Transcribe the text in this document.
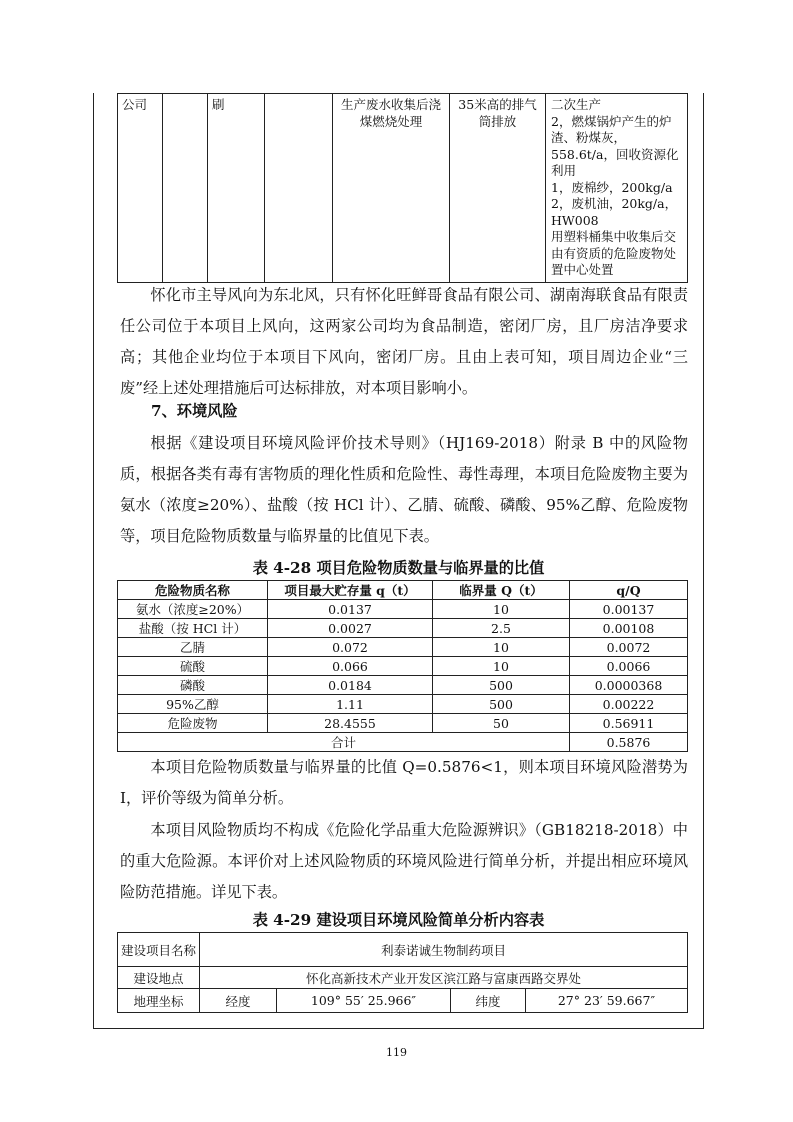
公司		刷		生产废水收集后浇煤燃烧处理	35米高的排气筒排放	
二次生产
2，燃煤锅炉产生的炉渣、粉煤灰，558.6t/a，回收资源化利用
1，废棉纱，200kg/a
2，废机油，20kg/a，HW008
用塑料桶集中收集后交由有资质的危险废物处置中心处置

怀化市主导风向为东北风，只有怀化旺鲜哥食品有限公司、湖南海联食品有限责任公司位于本项目上风向，这两家公司均为食品制造，密闭厂房，且厂房洁净要求高；其他企业均位于本项目下风向，密闭厂房。且由上表可知，项目周边企业“三废”经上述处理措施后可达标排放，对本项目影响小。

7、环境风险

根据《建设项目环境风险评价技术导则》（HJ169-2018）附录 B 中的风险物质，根据各类有毒有害物质的理化性质和危险性、毒性毒理，本项目危险废物主要为氨水（浓度≥20%）、盐酸（按 HCl 计）、乙腈、硫酸、磷酸、95%乙醇、危险废物等，项目危险物质数量与临界量的比值见下表。

表 4-28 项目危险物质数量与临界量的比值
危险物质名称	项目最大贮存量 q（t）	临界量 Q（t）	q/Q
氨水（浓度≥20%）	0.0137	10	0.00137
盐酸（按 HCl 计）	0.0027	2.5	0.00108
乙腈	0.072	10	0.0072
硫酸	0.066	10	0.0066
磷酸	0.0184	500	0.0000368
95%乙醇	1.11	500	0.00222
危险废物	28.4555	50	0.56911
合计			0.5876

本项目危险物质数量与临界量的比值 Q=0.5876<1，则本项目环境风险潜势为I，评价等级为简单分析。

本项目风险物质均不构成《危险化学品重大危险源辨识》（GB18218-2018）中的重大危险源。本评价对上述风险物质的环境风险进行简单分析，并提出相应环境风险防范措施。详见下表。

表 4-29 建设项目环境风险简单分析内容表
建设项目名称	利泰诺诚生物制药项目			
建设地点	怀化高新技术产业开发区滨江路与富康西路交界处			
地理坐标	经度	109° 55′ 25.966″	纬度	27° 23′ 59.667″
119
